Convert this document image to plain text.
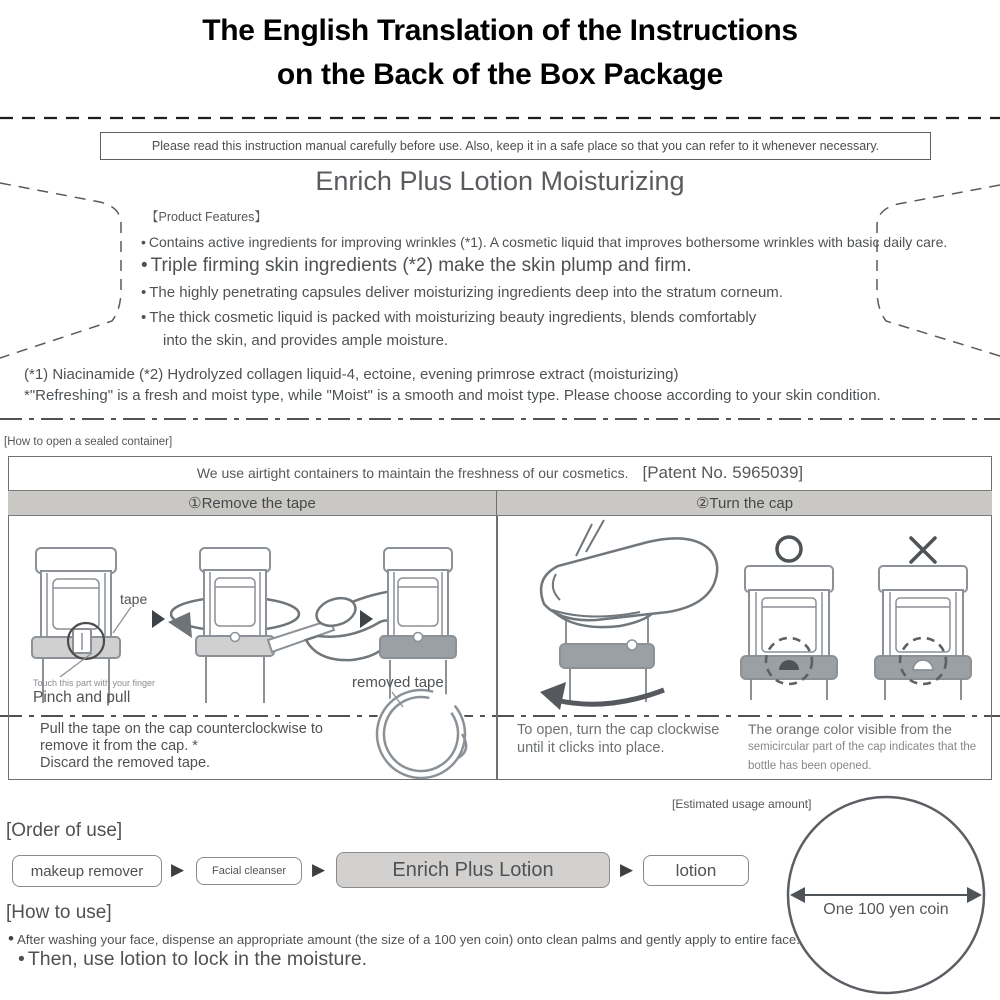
The English Translation of the Instructions
on the Back of the Box Package
Please read this instruction manual carefully before use. Also, keep it in a safe place so that you can refer to it whenever necessary.
Enrich Plus Lotion Moisturizing
【Product Features】
• Contains active ingredients for improving wrinkles (*1). A cosmetic liquid that improves bothersome wrinkles with basic daily care.
• Triple firming skin ingredients (*2) make the skin plump and firm.
• The highly penetrating capsules deliver moisturizing ingredients deep into the stratum corneum.
• The thick cosmetic liquid is packed with moisturizing beauty ingredients, blends comfortably
into the skin, and provides ample moisture.
(*1) Niacinamide (*2) Hydrolyzed collagen liquid-4, ectoine, evening primrose extract (moisturizing)
*"Refreshing" is a fresh and moist type, while "Moist" is a smooth and moist type. Please choose according to your skin condition.
[How to open a sealed container]
We use airtight containers to maintain the freshness of our cosmetics. [Patent No. 5965039]
①Remove the tape	②Turn the cap
tape
Touch this part with your finger
Pinch and pull
removed tape
Pull the tape on the cap counterclockwise to
remove it from the cap. *
Discard the removed tape.
To open, turn the cap clockwise
until it clicks into place.
The orange color visible from the
semicircular part of the cap indicates that the
bottle has been opened.
[Estimated usage amount]
[Order of use]
makeup remover	▶	Facial cleanser	▶	Enrich Plus Lotion	▶	lotion
One 100 yen coin
[How to use]
• After washing your face, dispense an appropriate amount (the size of a 100 yen coin) onto clean palms and gently apply to entire face.
• Then, use lotion to lock in the moisture.
